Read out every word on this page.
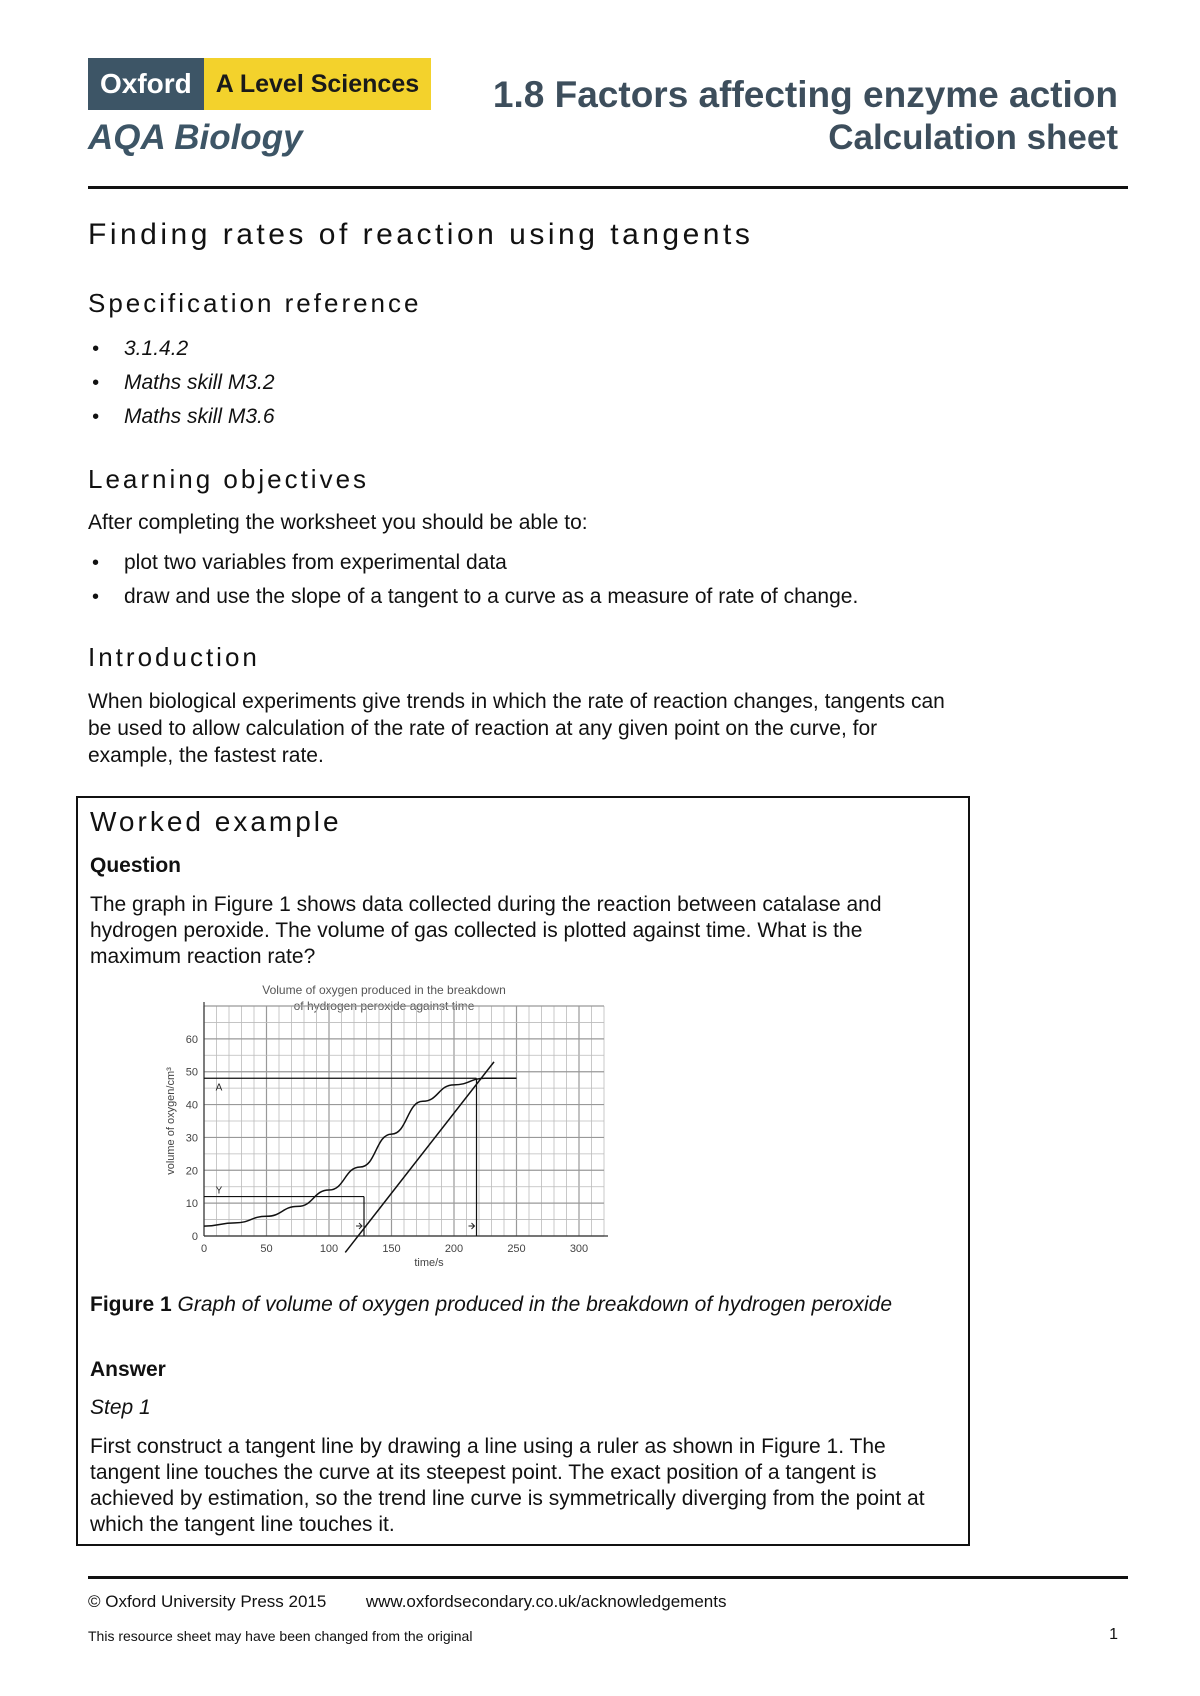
Oxford A Level Sciences
AQA Biology
1.8 Factors affecting enzyme action
Calculation sheet
Finding rates of reaction using tangents
Specification reference
• 3.1.4.2
• Maths skill M3.2
• Maths skill M3.6
Learning objectives
After completing the worksheet you should be able to:
• plot two variables from experimental data
• draw and use the slope of a tangent to a curve as a measure of rate of change.
Introduction
When biological experiments give trends in which the rate of reaction changes, tangents can be used to allow calculation of the rate of reaction at any given point on the curve, for example, the fastest rate.
Worked example
Question
The graph in Figure 1 shows data collected during the reaction between catalase and hydrogen peroxide. The volume of gas collected is plotted against time. What is the maximum reaction rate?
Volume of oxygen produced in the breakdown
of hydrogen peroxide against time
0	50	100	150	200	250	300
0
10
20
30
40
50
60
time/s
volume of oxygen/cm³	A
Y
Figure 1 Graph of volume of oxygen produced in the breakdown of hydrogen peroxide
Answer
Step 1
First construct a tangent line by drawing a line using a ruler as shown in Figure 1. The tangent line touches the curve at its steepest point. The exact position of a tangent is achieved by estimation, so the trend line curve is symmetrically diverging from the point at which the tangent line touches it.
© Oxford University Press 2015 www.oxfordsecondary.co.uk/acknowledgements
This resource sheet may have been changed from the original	1
